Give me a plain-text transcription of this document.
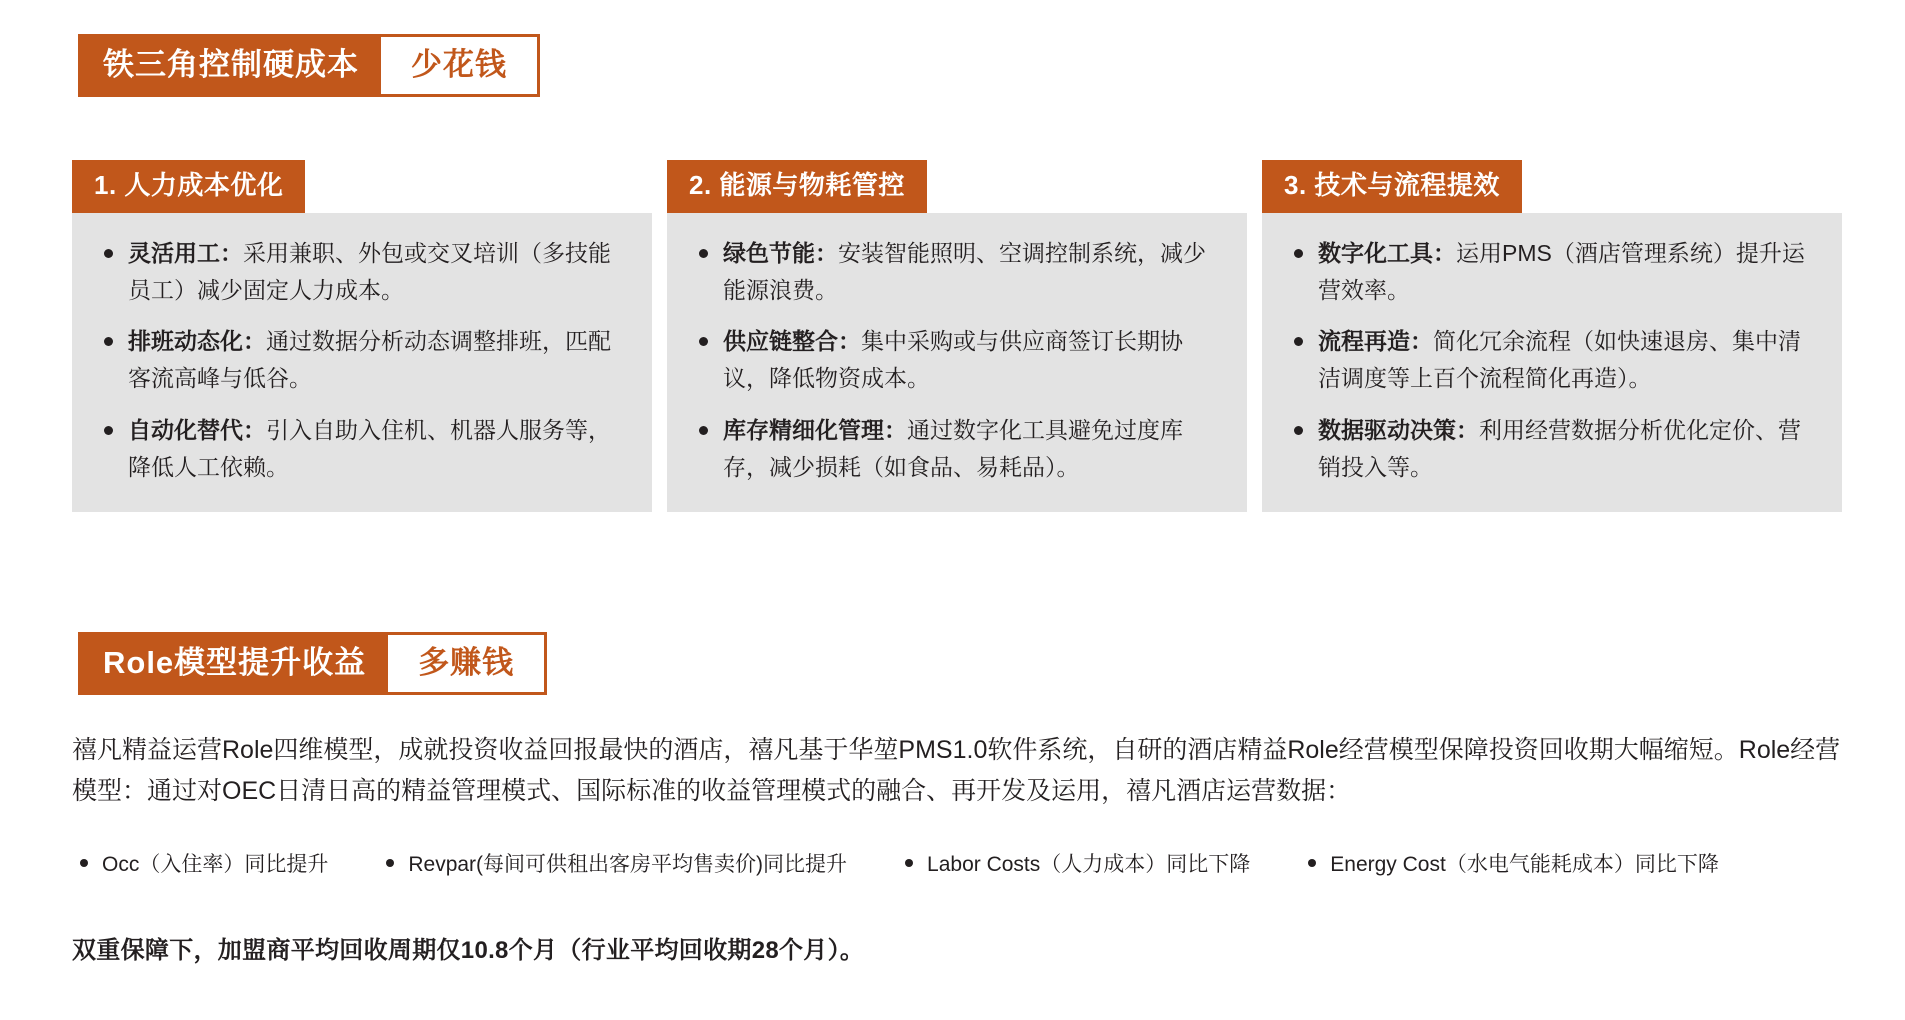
铁三角控制硬成本	少花钱
1. 人力成本优化
灵活用工：采用兼职、外包或交叉培训（多技能员工）减少固定人力成本。
排班动态化：通过数据分析动态调整排班，匹配客流高峰与低谷。
自动化替代：引入自助入住机、机器人服务等，降低人工依赖。
2. 能源与物耗管控
绿色节能：安装智能照明、空调控制系统，减少能源浪费。
供应链整合：集中采购或与供应商签订长期协议，降低物资成本。
库存精细化管理：通过数字化工具避免过度库存，减少损耗（如食品、易耗品）。
3. 技术与流程提效
数字化工具：运用PMS（酒店管理系统）提升运营效率。
流程再造：简化冗余流程（如快速退房、集中清洁调度等上百个流程简化再造）。
数据驱动决策：利用经营数据分析优化定价、营销投入等。
Role模型提升收益	多赚钱
禧凡精益运营Role四维模型，成就投资收益回报最快的酒店，禧凡基于华堃PMS1.0软件系统，自研的酒店精益Role经营模型保障投资回收期大幅缩短。Role经营模型：通过对OEC日清日高的精益管理模式、国际标准的收益管理模式的融合、再开发及运用，禧凡酒店运营数据：
Occ（入住率）同比提升	Revpar(每间可供租出客房平均售卖价)同比提升	Labor Costs（人力成本）同比下降	Energy Cost（水电气能耗成本）同比下降
双重保障下，加盟商平均回收周期仅10.8个月（行业平均回收期28个月）。
